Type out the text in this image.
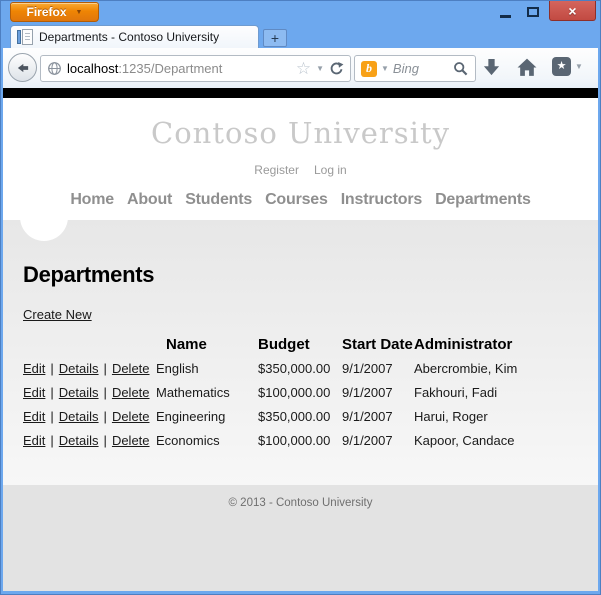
Firefox ▼	×
Departments - Contoso University	+
localhost:1235/Department	☆ ▼	b ▼ Bing	★ ▼
Contoso University
Register Log in
Home About Students Courses Instructors Departments
Departments
Create New
	Name	Budget	Start Date	Administrator
Edit | Details | Delete	English	$350,000.00	9/1/2007	Abercrombie, Kim
Edit | Details | Delete	Mathematics	$100,000.00	9/1/2007	Fakhouri, Fadi
Edit | Details | Delete	Engineering	$350,000.00	9/1/2007	Harui, Roger
Edit | Details | Delete	Economics	$100,000.00	9/1/2007	Kapoor, Candace
© 2013 - Contoso University
